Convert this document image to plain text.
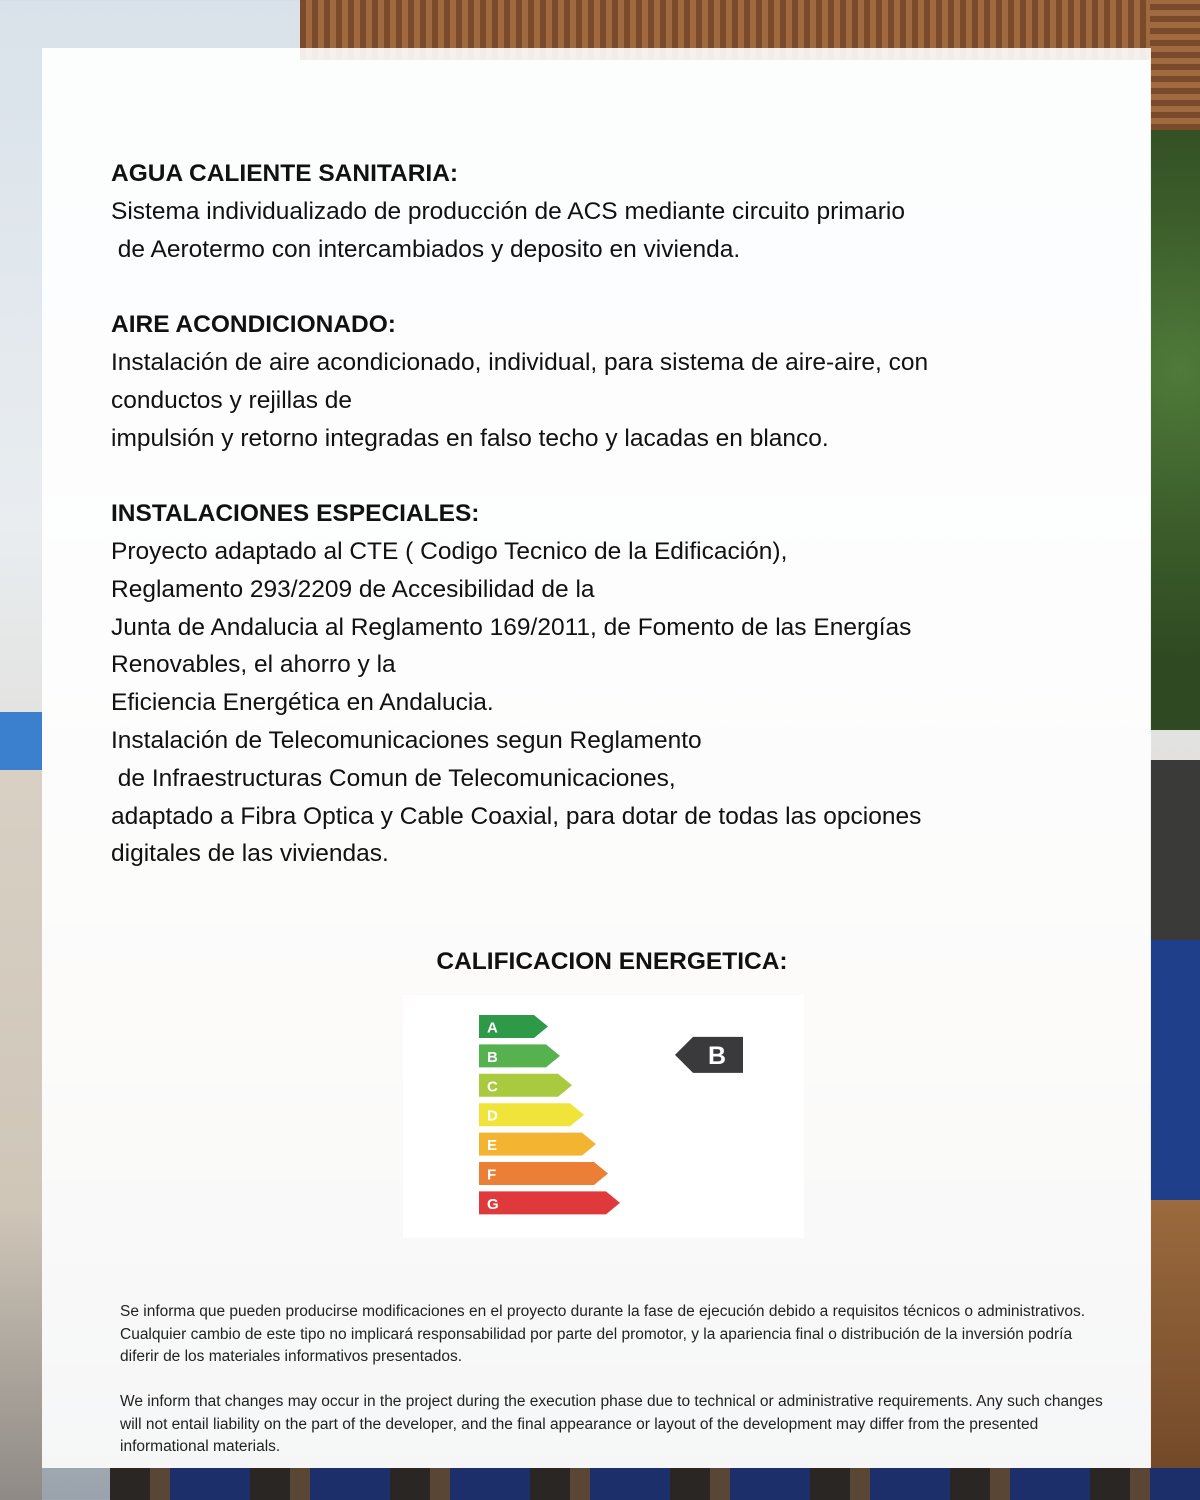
AGUA CALIENTE SANITARIA:

Sistema individualizado de producción de ACS mediante circuito primario

de Aerotermo con intercambiados y deposito en vivienda.

AIRE ACONDICIONADO:

Instalación de aire acondicionado, individual, para sistema de aire-aire, con

conductos y rejillas de

impulsión y retorno integradas en falso techo y lacadas en blanco.

INSTALACIONES ESPECIALES:

Proyecto adaptado al CTE ( Codigo Tecnico de la Edificación),

Reglamento 293/2209 de Accesibilidad de la

Junta de Andalucia al Reglamento 169/2011, de Fomento de las Energías

Renovables, el ahorro y la

Eficiencia Energética en Andalucia.

Instalación de Telecomunicaciones segun Reglamento

de Infraestructuras Comun de Telecomunicaciones,

adaptado a Fibra Optica y Cable Coaxial, para dotar de todas las opciones

digitales de las viviendas.

CALIFICACION ENERGETICA:
A
B
C
D
E
F
G
B

Se informa que pueden producirse modificaciones en el proyecto durante la fase de ejecución debido a requisitos técnicos o administrativos. Cualquier cambio de este tipo no implicará responsabilidad por parte del promotor, y la apariencia final o distribución de la inversión podría diferir de los materiales informativos presentados.

We inform that changes may occur in the project during the execution phase due to technical or administrative requirements. Any such changes will not entail liability on the part of the developer, and the final appearance or layout of the development may differ from the presented informational materials.
